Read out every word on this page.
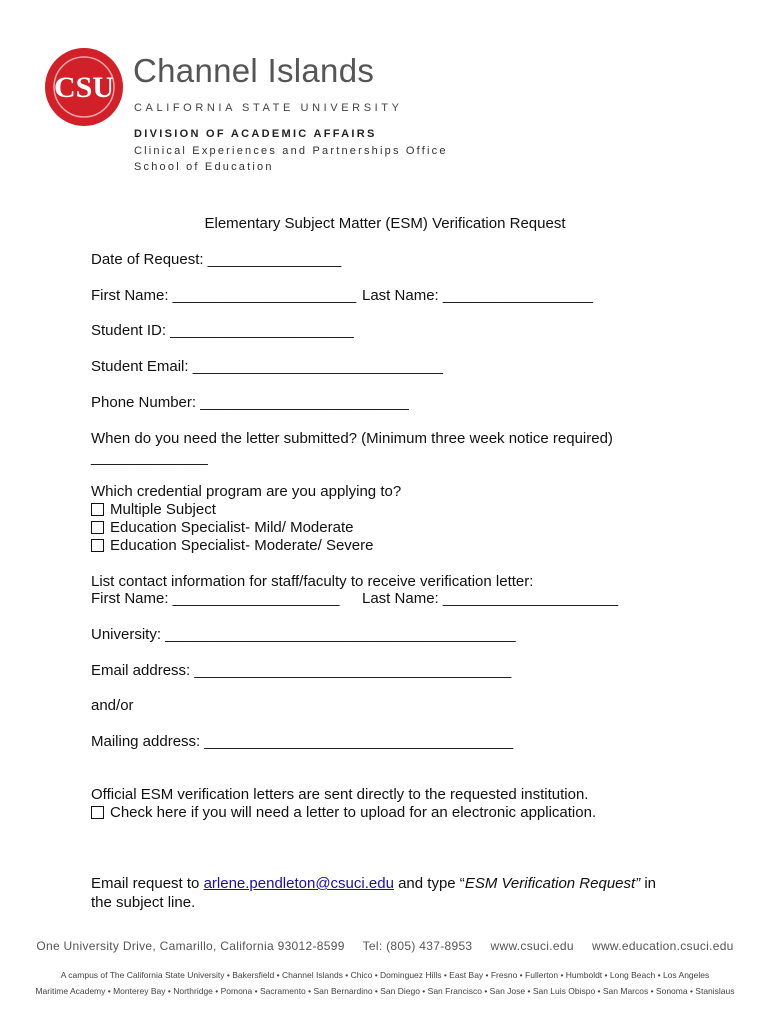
CSU Channel Islands
CALIFORNIA STATE UNIVERSITY
DIVISION OF ACADEMIC AFFAIRS
Clinical Experiences and Partnerships Office
School of Education
Elementary Subject Matter (ESM) Verification Request
Date of Request: ________________
First Name: ______________________ Last Name: __________________
Student ID: ______________________
Student Email: ______________________________
Phone Number: _________________________
When do you need the letter submitted? (Minimum three week notice required)
______________
Which credential program are you applying to?
Multiple Subject
Education Specialist- Mild/ Moderate
Education Specialist- Moderate/ Severe
List contact information for staff/faculty to receive verification letter:
First Name: ____________________ Last Name: _____________________
University: __________________________________________
Email address: ______________________________________
and/or
Mailing address: _____________________________________
Official ESM verification letters are sent directly to the requested institution.
Check here if you will need a letter to upload for an electronic application.
Email request to arlene.pendleton@csuci.edu and type “ESM Verification Request” in
the subject line.
One University Drive, Camarillo, California 93012-8599     Tel: (805) 437-8953     www.csuci.edu     www.education.csuci.edu
A campus of The California State University • Bakersfield • Channel Islands • Chico • Dominguez Hills • East Bay • Fresno • Fullerton • Humboldt • Long Beach • Los Angeles
Maritime Academy • Monterey Bay • Northridge • Pomona • Sacramento • San Bernardino • San Diego • San Francisco • San Jose • San Luis Obispo • San Marcos • Sonoma • Stanislaus
